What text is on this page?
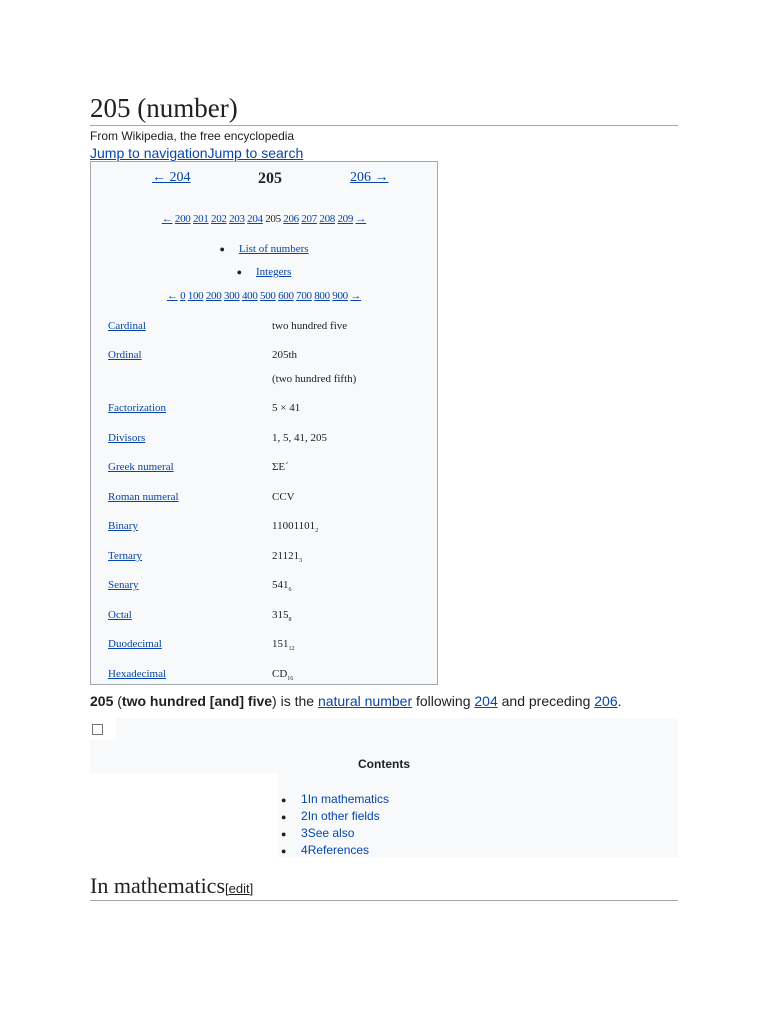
205 (number)
From Wikipedia, the free encyclopedia
Jump to navigationJump to search
← 204	205	206 →
← 200 201 202 203 204 205 206 207 208 209 →
● List of numbers
● Integers
← 0 100 200 300 400 500 600 700 800 900 →
Cardinal	two hundred five
Ordinal	205th
(two hundred fifth)
Factorization	5 × 41
Divisors	1, 5, 41, 205
Greek numeral	ΣΕ´
Roman numeral	CCV
Binary	$11001101_2$
Ternary	$21121_3$
Senary	$541_6$
Octal	$315_8$
Duodecimal	$151_{12}$
Hexadecimal	$CD_{16}$
205 (two hundred [and] five) is the natural number following 204 and preceding 206.
Contents
● 1In mathematics
● 2In other fields
● 3See also
● 4References
In mathematics[edit]
